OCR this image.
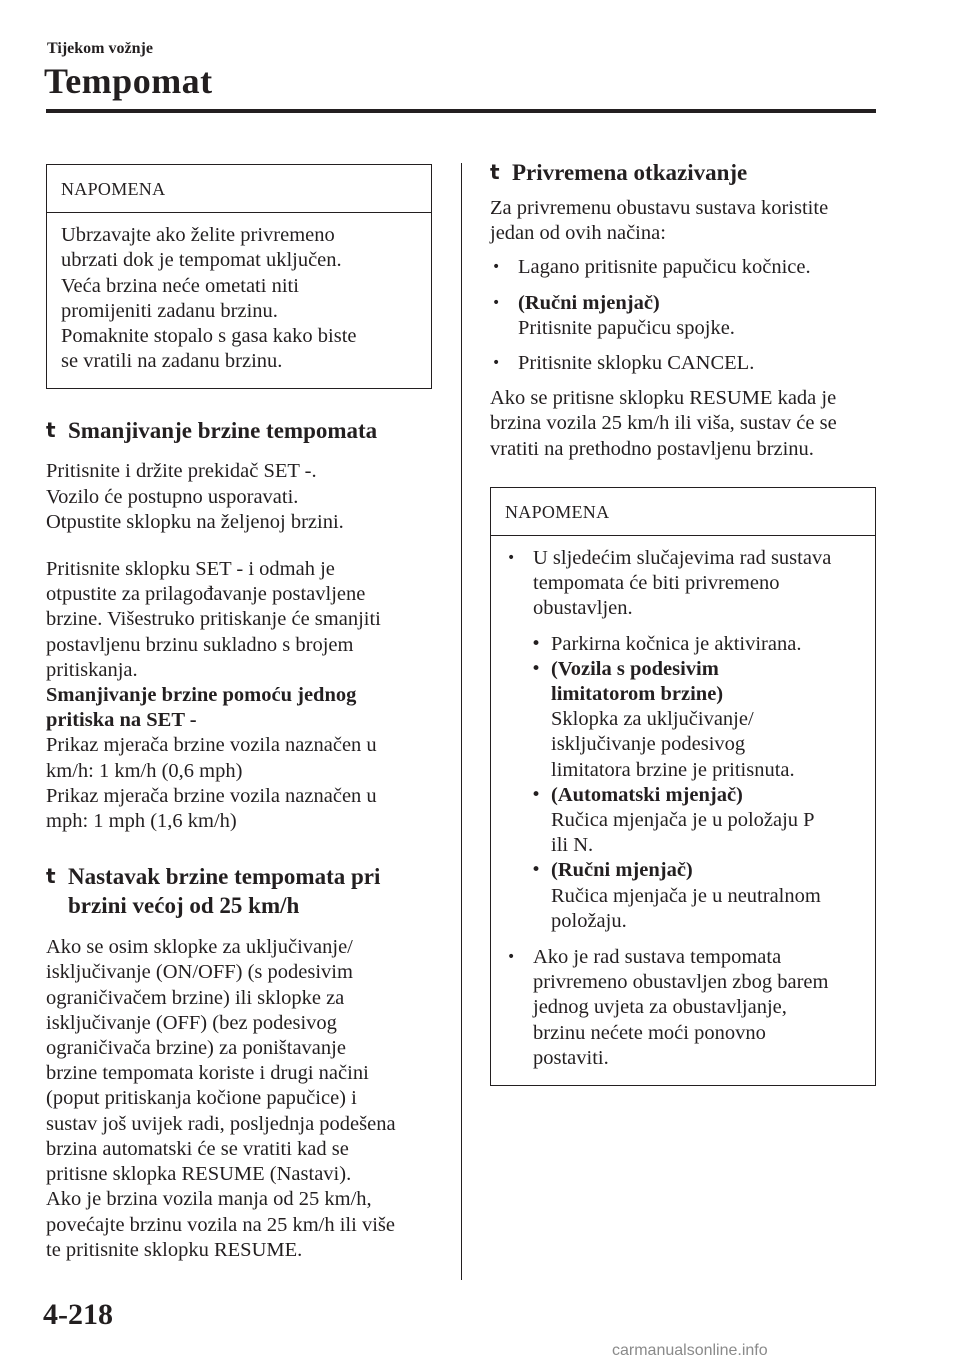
Tijekom vožnje
Tempomat
NAPOMENA
Ubrzavajte ako želite privremeno
ubrzati dok je tempomat uključen.
Veća brzina neće ometati niti
promijeniti zadanu brzinu.
Pomaknite stopalo s gasa kako biste
se vratili na zadanu brzinu.
t Smanjivanje brzine tempomata
Pritisnite i držite prekidač SET -.
Vozilo će postupno usporavati.
Otpustite sklopku na željenoj brzini.
Pritisnite sklopku SET - i odmah je
otpustite za prilagođavanje postavljene
brzine. Višestruko pritiskanje će smanjiti
postavljenu brzinu sukladno s brojem
pritiskanja.
Smanjivanje brzine pomoću jednog
pritiska na SET -
Prikaz mjerača brzine vozila naznačen u
km/h: 1 km/h (0,6 mph)
Prikaz mjerača brzine vozila naznačen u
mph: 1 mph (1,6 km/h)
t Nastavak brzine tempomata pri
brzini većoj od 25 km/h
Ako se osim sklopke za uključivanje/
isključivanje (ON/OFF) (s podesivim
ograničivačem brzine) ili sklopke za
isključivanje (OFF) (bez podesivog
ograničivača brzine) za poništavanje
brzine tempomata koriste i drugi načini
(poput pritiskanja kočione papučice) i
sustav još uvijek radi, posljednja podešena
brzina automatski će se vratiti kad se
pritisne sklopka RESUME (Nastavi).
Ako je brzina vozila manja od 25 km/h,
povećajte brzinu vozila na 25 km/h ili više
te pritisnite sklopku RESUME.
t Privremena otkazivanje
Za privremenu obustavu sustava koristite
jedan od ovih načina:
• Lagano pritisnite papučicu kočnice.
• (Ručni mjenjač)
Pritisnite papučicu spojke.
• Pritisnite sklopku CANCEL.
Ako se pritisne sklopku RESUME kada je
brzina vozila 25 km/h ili viša, sustav će se
vratiti na prethodno postavljenu brzinu.
NAPOMENA
• U sljedećim slučajevima rad sustava
tempomata će biti privremeno
obustavljen.
• Parkirna kočnica je aktivirana.
• (Vozila s podesivim
limitatorom brzine)
Sklopka za uključivanje/
isključivanje podesivog
limitatora brzine je pritisnuta.
• (Automatski mjenjač)
Ručica mjenjača je u položaju P
ili N.
• (Ručni mjenjač)
Ručica mjenjača je u neutralnom
položaju.
• Ako je rad sustava tempomata
privremeno obustavljen zbog barem
jednog uvjeta za obustavljanje,
brzinu nećete moći ponovno
postaviti.
4-218
carmanualsonline.info
